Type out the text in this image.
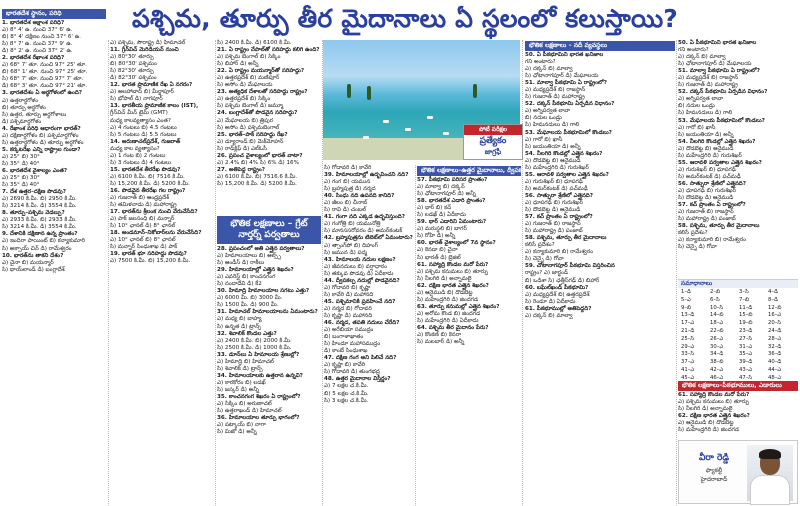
పశ్చిమ, తూర్పు తీర మైదానాలు ఏ స్థలంలో కలుస్తాయి?
భారతదేశ స్థానం, పరిధి

1. భారతదేశ అక్షాంశ పరిధి?

ఎ) 8° 4' ఉ. నుంచి 37° 6' ఉ.

బి) 8° 4' దక్షిణం నుంచి 37° 6' ఉ.

సి) 8° 7' ఉ. నుంచి 37° 9' ఉ.

డి) 8° 2' ఉ. నుంచి 37° 2' ఉ.

2. భారతదేశ రేఖాంశ పరిధి?

ఎ) 68° 7' తూ. నుంచి 97° 25' తూ.

బి) 68° 1' తూ. నుంచి 97° 25' తూ.

సి) 68° 7' తూ. నుంచి 97° 7' తూ.

డి) 68° 3' తూ. నుంచి 97° 21' తూ.

3. భారతదేశం ఏ అర్ధగోళంలో ఉంది?

ఎ) ఉత్తరార్ధగోళం

బి) తూర్పు అర్ధగోళం

సి) ఉత్తర, తూర్పు అర్ధగోళాలు

డి) పశ్చిమార్ధగోళం

4. రేఖాంశ పరిధి ఆధారంగా భారత్?

ఎ) దక్షిణార్ధగోళం బి) పశ్చిమార్ధగోళం

సి) ఉత్తరార్ధగోళం డి) తూర్పు అర్ధగోళం

5. కర్కటరేఖ ఎన్ని రాష్ట్రాల గుండా?

ఎ) 25° బి) 30°

సి) 35° డి) 40°

6. భారతదేశ వైశాల్యం ఎంత?

ఎ) 25° బి) 30°

సి) 35° డి) 40°

7. దేశ ఉత్తర–దక్షిణ పొడవు?

ఎ) 2690 కి.మీ. బి) 2950 కి.మీ.

సి) 3214 కి.మీ. డి) 3554 కి.మీ.

8. తూర్పు–పశ్చిమ వెడల్పు?

ఎ) 2933 కి.మీ. బి) 2933 కి.మీ.

సి) 3214 కి.మీ. డి) 3554 కి.మీ.

9. దేశానికి దక్షిణాన ఉన్న ప్రాంతం?

ఎ) ఇందిరా పాయింట్ బి) కన్యాకుమారి

సి) అక్సాయ్ చిన్ డి) రామేశ్వరం

10. భారత్‌ను తాకని దేశం?

ఎ) చైనా బి) మయన్మార్

సి) థాయ్‌లాండ్ డి) బంగ్లాదేశ్

ఎ) పశ్చిమ, సౌరాష్ట్ర డి) హిమాచల్

11. గ్రీన్‌విచ్ మెరిడియన్ నుంచి

ఎ) 80°30' తూర్పు

బి) 80°30' పశ్చిమం

సి) 82°30' తూర్పు

డి) 82°30' పశ్చిమం

12. భారత ప్రామాణిక రేఖ ఏ నగరం?

ఎ) అలహాబాద్ బి) మీర్జాపూర్

సి) భోపాల్ డి) నాగపూర్

13. భారతీయ ప్రామాణిక కాలం (IST),

గ్రీన్‌విచ్ మీన్ టైమ్ (GMT)

మధ్య కాలవ్యత్యాసం ఎంత?

ఎ) 4 గంటలు బి) 4.5 గంటలు

సి) 5 గంటలు డి) 5.5 గంటలు

14. అరుణాచల్‌ప్రదేశ్, గుజరాత్

మధ్య కాల వ్యత్యాసం?

ఎ) 1 గంట బి) 2 గంటలు

సి) 3 గంటలు డి) 4 గంటలు

15. భారతదేశ తీరరేఖ పొడవు?

ఎ) 6100 కి.మీ. బి) 7516 కి.మీ.

సి) 15,200 కి.మీ. డి) 5200 కి.మీ.

16. పొడవైన తీరరేఖ గల రాష్ట్రం?

ఎ) గుజరాత్ బి) ఆంధ్రప్రదేశ్

సి) తమిళనాడు డి) మహారాష్ట్ర

17. భారత్‌ను శ్రీలంక నుంచి వేరుచేసేది?

ఎ) పాక్ జలసంధి బి) మన్నార్

సి) 10° ఛానల్ డి) 8° ఛానల్

18. అండమాన్–నికోబార్‌లను వేరుచేసేది?

ఎ) 10° ఛానల్ బి) 8° ఛానల్

సి) మన్నార్ సింధుశాఖ డి) పాక్

19. భారత్ భూ సరిహద్దు పొడవు?

ఎ) 7500 కి.మీ. బి) 15,200 కి.మీ.

సి) 2400 కి.మీ. డి) 6100 కి.మీ.

21. ఏ రాష్ట్రం నేపాల్‌తో సరిహద్దు కలిగి ఉంది?

ఎ) పశ్చిమ బెంగాల్ బి) సిక్కిం

సి) బిహార్ డి) అన్నీ

22. ఏ రాష్ట్రం మయన్మార్‌తో సరిహద్దు?

ఎ) ఉత్తరప్రదేశ్ బి) మణిపూర్

సి) అసోం డి) మేఘాలయ

23. అత్యధిక దేశాలతో సరిహద్దు రాష్ట్రం?

ఎ) ఉత్తరప్రదేశ్ బి) సిక్కిం

సి) పశ్చిమ బెంగాల్ డి) జమ్మూ

24. బంగ్లాదేశ్‌తో పొడవైన సరిహద్దు?

ఎ) మేఘాలయ బి) త్రిపుర

సి) అసోం డి) పశ్చిమబెంగాల్

25. భారత్–పాక్ సరిహద్దు రేఖ?

ఎ) డ్యూరాండ్ బి) మెక్‌మోహన్

సి) రాడ్‌క్లిఫ్ డి) ఎల్ఓసీ

26. ప్రపంచ వైశాల్యంలో భారత్ వాటా?

ఎ) 2.4% బి) 4% సి) 6% డి) 16%

27. అతిపెద్ద రాష్ట్రం?

ఎ) 6100 కి.మీ. బి) 7516.6 కి.మీ.

సి) 15,200 కి.మీ. డి) 5200 కి.మీ.

భౌతిక లక్షణాలు – గ్రేట్ నార్తర్న్ పర్వతాలు

28. ప్రపంచంలో అతి ఎత్తైన పర్వతాలు?

ఎ) హిమాలయాలు బి) ఆల్ప్స్

సి) ఆండీస్ డి) రాకీలు

29. హిమాలయాల్లో ఎత్తైన శిఖరం?

ఎ) ఎవరెస్ట్ బి) కాంచనగంగ

సి) నందాదేవి డి) కే2

30. హిమాద్రి హిమాలయాల సగటు ఎత్తు?

ఎ) 6000 మీ. బి) 3000 మీ.

సి) 1500 మీ. డి) 900 మీ.

31. హిమాచల్ హిమాలయాలను ఏమంటారు?

ఎ) మధ్య బి) బాహ్య

సి) ఉన్నత డి) ట్రాన్స్

32. శివాలిక్ కొండల ఎత్తు?

ఎ) 2400 కి.మీ. బి) 2000 కి.మీ.

సి) 2500 కి.మీ. డి) 1000 కి.మీ.

33. డూన్‌లు ఏ హిమాలయ శ్రేణుల్లో?

ఎ) హిమాద్రి బి) హిమాచల్

సి) శివాలిక్ డి) ట్రాన్స్

34. హిమాలయాలకు ఉత్తరాన ఉన్నవి?

ఎ) కారకోరం బి) లడఖ్

సి) జస్కర్ డి) అన్నీ

35. కాంచనగంగ శిఖరం ఏ రాష్ట్రంలో?

ఎ) సిక్కిం బి) అరుణాచల్

సి) ఉత్తరాఖండ్ డి) హిమాచల్

36. హిమాలయాల తూర్పు భాగంలో?

ఎ) పట్కాయ్ బి) నాగా

సి) మిజో డి) అన్నీ

పోటీ పరీక్షల
ప్రత్యేకం
జాగ్రఫీ

సి) గోదావరి డి) కావేరి

39. హిమాలయాల్లో ఉద్భవించని నది?

ఎ) గంగ బి) యమున

సి) బ్రహ్మపుత్ర డి) నర్మద

40. సింధు నది ఉపనది కానిది?

ఎ) జీలం బి) చీనాబ్

సి) రావి డి) చంబల్

41. గంగా నది ఎక్కడ ఉద్భవిస్తుంది?

ఎ) గంగోత్రి బి) యమునోత్రి

సి) మానససరోవరం డి) అమర్‌కంటక్

42. బ్రహ్మపుత్రను టిబెట్‌లో ఏమంటారు?

ఎ) త్సాంగ్‌పో బి) దిహంగ్

సి) జమున డి) పద్మ

43. హిమాలయ నదుల లక్షణం?

ఎ) జీవనదులు బి) వర్షాధారం

సి) తక్కువ పొడవు డి) ఏదీకాదు

44. ద్వీపకల్ప నదుల్లో పొడవైనది?

ఎ) గోదావరి బి) కృష్ణా

సి) కావేరి డి) మహానది

45. పశ్చిమానికి ప్రవహించే నది?

ఎ) నర్మద బి) గోదావరి

సి) కృష్ణా డి) మహానది

46. నర్మద, తపతి నదులు చేరేది?

ఎ) అరేబియా సముద్రం

బి) బంగాళాఖాతం

సి) హిందూ మహాసముద్రం

డి) కాంబే సింధుశాఖ

47. దక్షిణ గంగ అని పిలిచే నది?

ఎ) కృష్ణా బి) కావేరి

సి) గోదావరి డి) తుంగభద్ర

48. ఉత్తర మైదానాల విస్తీర్ణం?

ఎ) 7 లక్షల చ.కి.మీ.

బి) 5 లక్షల చ.కి.మీ.

సి) 3 లక్షల చ.కి.మీ.

భౌతిక లక్షణాలు–ఉత్తర మైదానాలు, ద్వీపకల్ప పీఠభూమి

57. పీఠభూమి పరిసర ప్రాంతం?

ఎ) మాల్వా బి) దక్కన్

సి) ఛోటానాగపూర్ డి) అన్నీ

58. భారతదేశ ఎడారి ప్రాంతం?

ఎ) థార్ బి) కచ్

సి) లడఖ్ డి) ఏదీకాదు

59. థార్ ఎడారిని ఏమంటారు?

ఎ) మరుస్థలి బి) బాగర్

సి) రోహి డి) అన్నీ

60. భారత్ వైశాల్యంలో 7వ స్థానం?

ఎ) కెనడా బి) చైనా

సి) భారత్ డి) బ్రెజిల్

61. సహ్యాద్రి కొండల మరో పేరు?

ఎ) పశ్చిమ కనుమలు బి) తూర్పు

సి) నీలగిరి డి) అన్నామలై

62. దక్షిణ భారత ఎత్తైన శిఖరం?

ఎ) ఆనైముడి బి) దొడబెట్ట

సి) మహేంద్రగిరి డి) జిందగడ

63. తూర్పు కనుమల్లో ఎత్తైన శిఖరం?

ఎ) అరోమ కొండ బి) జిందగడ

సి) మహేంద్రగిరి డి) ఏదీకాదు

64. పశ్చిమ తీర మైదానం పేరు?

ఎ) కొంకణ్ బి) కెనరా

సి) మలబార్ డి) అన్నీ

భౌతిక లక్షణాలు – నదీ వ్యవస్థలు

50. ఏ పీఠభూమిని భారత ఖనిజాల

గని అంటారు?

ఎ) దక్కన్ బి) మాల్వా

సి) ఛోటానాగపూర్ డి) మేఘాలయ

51. మాల్వా పీఠభూమి ఏ రాష్ట్రంలో?

ఎ) మధ్యప్రదేశ్ బి) రాజస్థాన్

సి) గుజరాత్ డి) మహారాష్ట్ర

52. దక్కన్ పీఠభూమి ఏర్పడిన విధానం?

ఎ) అగ్నిపర్వత లావా

బి) నదుల ఒండ్రు

సి) హిమనదులు డి) గాలి

53. మేఘాలయ పీఠభూమిలో కొండలు?

ఎ) గారో బి) ఖాసీ

సి) జయంతియా డి) అన్నీ

54. నీలగిరి కొండల్లో ఎత్తైన శిఖరం?

ఎ) దొడబెట్ట బి) ఆనైముడి

సి) మహేంద్రగిరి డి) గురుశిఖర్

55. ఆరావళి పర్వతాల ఎత్తైన శిఖరం?

ఎ) గురుశిఖర్ బి) ధూపగఢ్

సి) అమర్‌కంటక్ డి) పచ్‌మఢీ

56. సాత్పురా శ్రేణిలో ఎత్తైనది?

ఎ) ధూపగఢ్ బి) గురుశిఖర్

సి) దొడబెట్ట డి) ఆనైముడి

57. కచ్ ప్రాంతం ఏ రాష్ట్రంలో?

ఎ) గుజరాత్ బి) రాజస్థాన్

సి) మహారాష్ట్ర డి) పంజాబ్

58. పశ్చిమ, తూర్పు తీర మైదానాలు

కలిసే ప్రదేశం?

ఎ) కన్యాకుమారి బి) రామేశ్వరం

సి) చెన్నై డి) గోవా

59. చోటానాగపూర్ పీఠభూమి విస్తరించిన

రాష్ట్రం? ఎ) జార్ఖండ్

బి) ఒడిశా సి) ఛత్తీస్‌గఢ్ డి) బిహార్

60. బఘేల్‌ఖండ్ పీఠభూమి?

ఎ) మధ్యప్రదేశ్ బి) ఉత్తరప్రదేశ్

సి) రెండూ డి) ఏదీకాదు

61. పీఠభూముల్లో అతిపెద్దది?

ఎ) దక్కన్ బి) మాల్వా

50. ఏ పీఠభూమిని భారత ఖనిజాల

గని అంటారు?

ఎ) దక్కన్ బి) మాల్వా

సి) ఛోటానాగపూర్ డి) మేఘాలయ

51. మాల్వా పీఠభూమి ఏ రాష్ట్రంలో?

ఎ) మధ్యప్రదేశ్ బి) రాజస్థాన్

సి) గుజరాత్ డి) మహారాష్ట్ర

52. దక్కన్ పీఠభూమి ఏర్పడిన విధానం?

ఎ) అగ్నిపర్వత లావా

బి) నదుల ఒండ్రు

సి) హిమనదులు డి) గాలి

53. మేఘాలయ పీఠభూమిలో కొండలు?

ఎ) గారో బి) ఖాసీ

సి) జయంతియా డి) అన్నీ

54. నీలగిరి కొండల్లో ఎత్తైన శిఖరం?

ఎ) దొడబెట్ట బి) ఆనైముడి

సి) మహేంద్రగిరి డి) గురుశిఖర్

55. ఆరావళి పర్వతాల ఎత్తైన శిఖరం?

ఎ) గురుశిఖర్ బి) ధూపగఢ్

సి) అమర్‌కంటక్ డి) పచ్‌మఢీ

56. సాత్పురా శ్రేణిలో ఎత్తైనది?

ఎ) ధూపగఢ్ బి) గురుశిఖర్

సి) దొడబెట్ట డి) ఆనైముడి

57. కచ్ ప్రాంతం ఏ రాష్ట్రంలో?

ఎ) గుజరాత్ బి) రాజస్థాన్

సి) మహారాష్ట్ర డి) పంజాబ్

58. పశ్చిమ, తూర్పు తీర మైదానాలు

కలిసే ప్రదేశం?

ఎ) కన్యాకుమారి బి) రామేశ్వరం

సి) చెన్నై డి) గోవా

సమాధానాలు
1–డి	2–బి	3–సి	4–డి
5–ఎ	6–సి	7–బి	8–డి
9–బి	10–సి	11–డి	12–బి
13–డి	14–బి	15–బి	16–ఎ
17–ఎ	18–ఎ	19–బి	20–సి
21–డి	22–బి	23–డి	24–డి
25–సి	26–ఎ	27–సి	28–ఎ
29–ఎ	30–ఎ	31–ఎ	32–డి
33–సి	34–డి	35–ఎ	36–డి
37–ఎ	38–బి	39–డి	40–డి
41–ఎ	42–ఎ	43–ఎ	44–ఎ
45–ఎ	46–ఎ	47–సి	48–ఎ
భౌతిక లక్షణాలు–పీఠభూములు, ఎడారులు

61. సహ్యాద్రి కొండల మరో పేరు?

ఎ) పశ్చిమ కనుమలు బి) తూర్పు

సి) నీలగిరి డి) అన్నామలై

62. దక్షిణ భారత ఎత్తైన శిఖరం?

ఎ) ఆనైముడి బి) దొడబెట్ట

సి) మహేంద్రగిరి డి) జిందగడ

వీరా రెడ్డి
ఫ్యాకల్టీ
హైదరాబాద్
